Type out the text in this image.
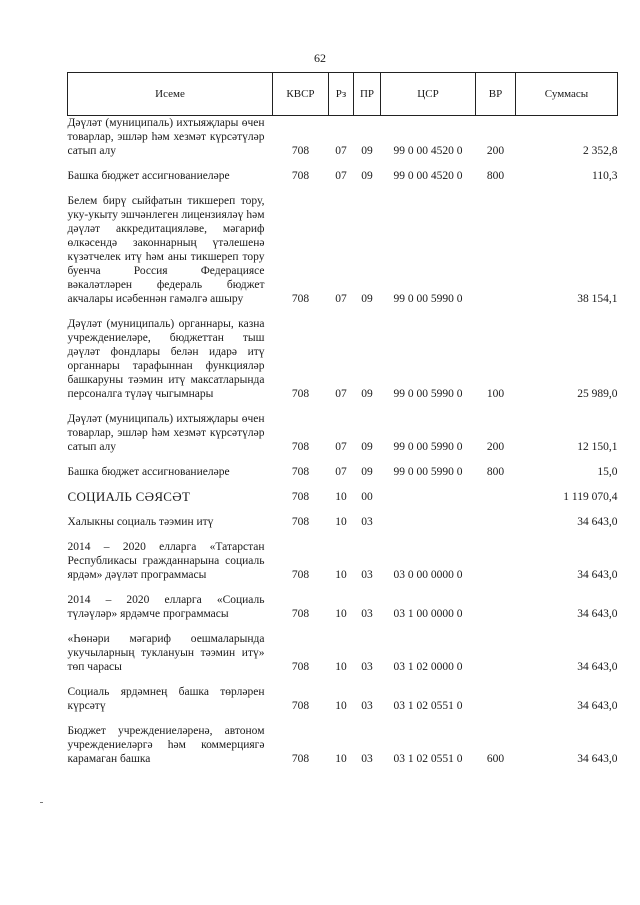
62
Исеме	КВСР	Рз	ПР	ЦСР	ВР	Суммасы
Дәүләт (муниципаль) ихтыяҗлары өчен товарлар, эшләр һәм хезмәт күрсәтүләр сатып алу	708	07	09	99 0 00 4520 0	200	2 352,8

Башка бюджет ассигнованиеләре	708	07	09	99 0 00 4520 0	800	110,3

Белем бирү сыйфатын тикшереп тору, уку-укыту эшчәнлеген лицензияләү һәм дәүләт аккредитацияләве, мәгариф өлкәсендә законнарның үтәлешенә күзәтчелек итү һәм аны тикшереп тору буенча Россия Федерациясе вәкаләтләрен федераль бюджет акчалары исәбеннән гамәлгә ашыру	708	07	09	99 0 00 5990 0		38 154,1

Дәүләт (муниципаль) органнары, казна учреждениеләре, бюджеттан тыш дәүләт фондлары белән идарә итү органнары тарафыннан функцияләр башкаруны тәэмин итү максатларында персоналга түләү чыгымнары	708	07	09	99 0 00 5990 0	100	25 989,0

Дәүләт (муниципаль) ихтыяҗлары өчен товарлар, эшләр һәм хезмәт күрсәтүләр сатып алу	708	07	09	99 0 00 5990 0	200	12 150,1

Башка бюджет ассигнованиеләре	708	07	09	99 0 00 5990 0	800	15,0

СОЦИАЛЬ СӘЯСӘТ	708	10	00			1 119 070,4

Халыкны социаль тәэмин итү	708	10	03			34 643,0

2014 – 2020 елларга «Татарстан Республикасы гражданнарына социаль ярдәм» дәүләт программасы	708	10	03	03 0 00 0000 0		34 643,0

2014 – 2020 елларга «Социаль түләүләр» ярдәмче программасы	708	10	03	03 1 00 0000 0		34 643,0

«Һөнәри мәгариф оешмаларында укучыларның туклануын тәэмин итү» төп чарасы	708	10	03	03 1 02 0000 0		34 643,0

Социаль ярдәмнең башка төрләрен күрсәтү	708	10	03	03 1 02 0551 0		34 643,0

Бюджет учреждениеләренә, автоном учреждениеләргә һәм коммерциягә карамаган башка	708	10	03	03 1 02 0551 0	600	34 643,0
